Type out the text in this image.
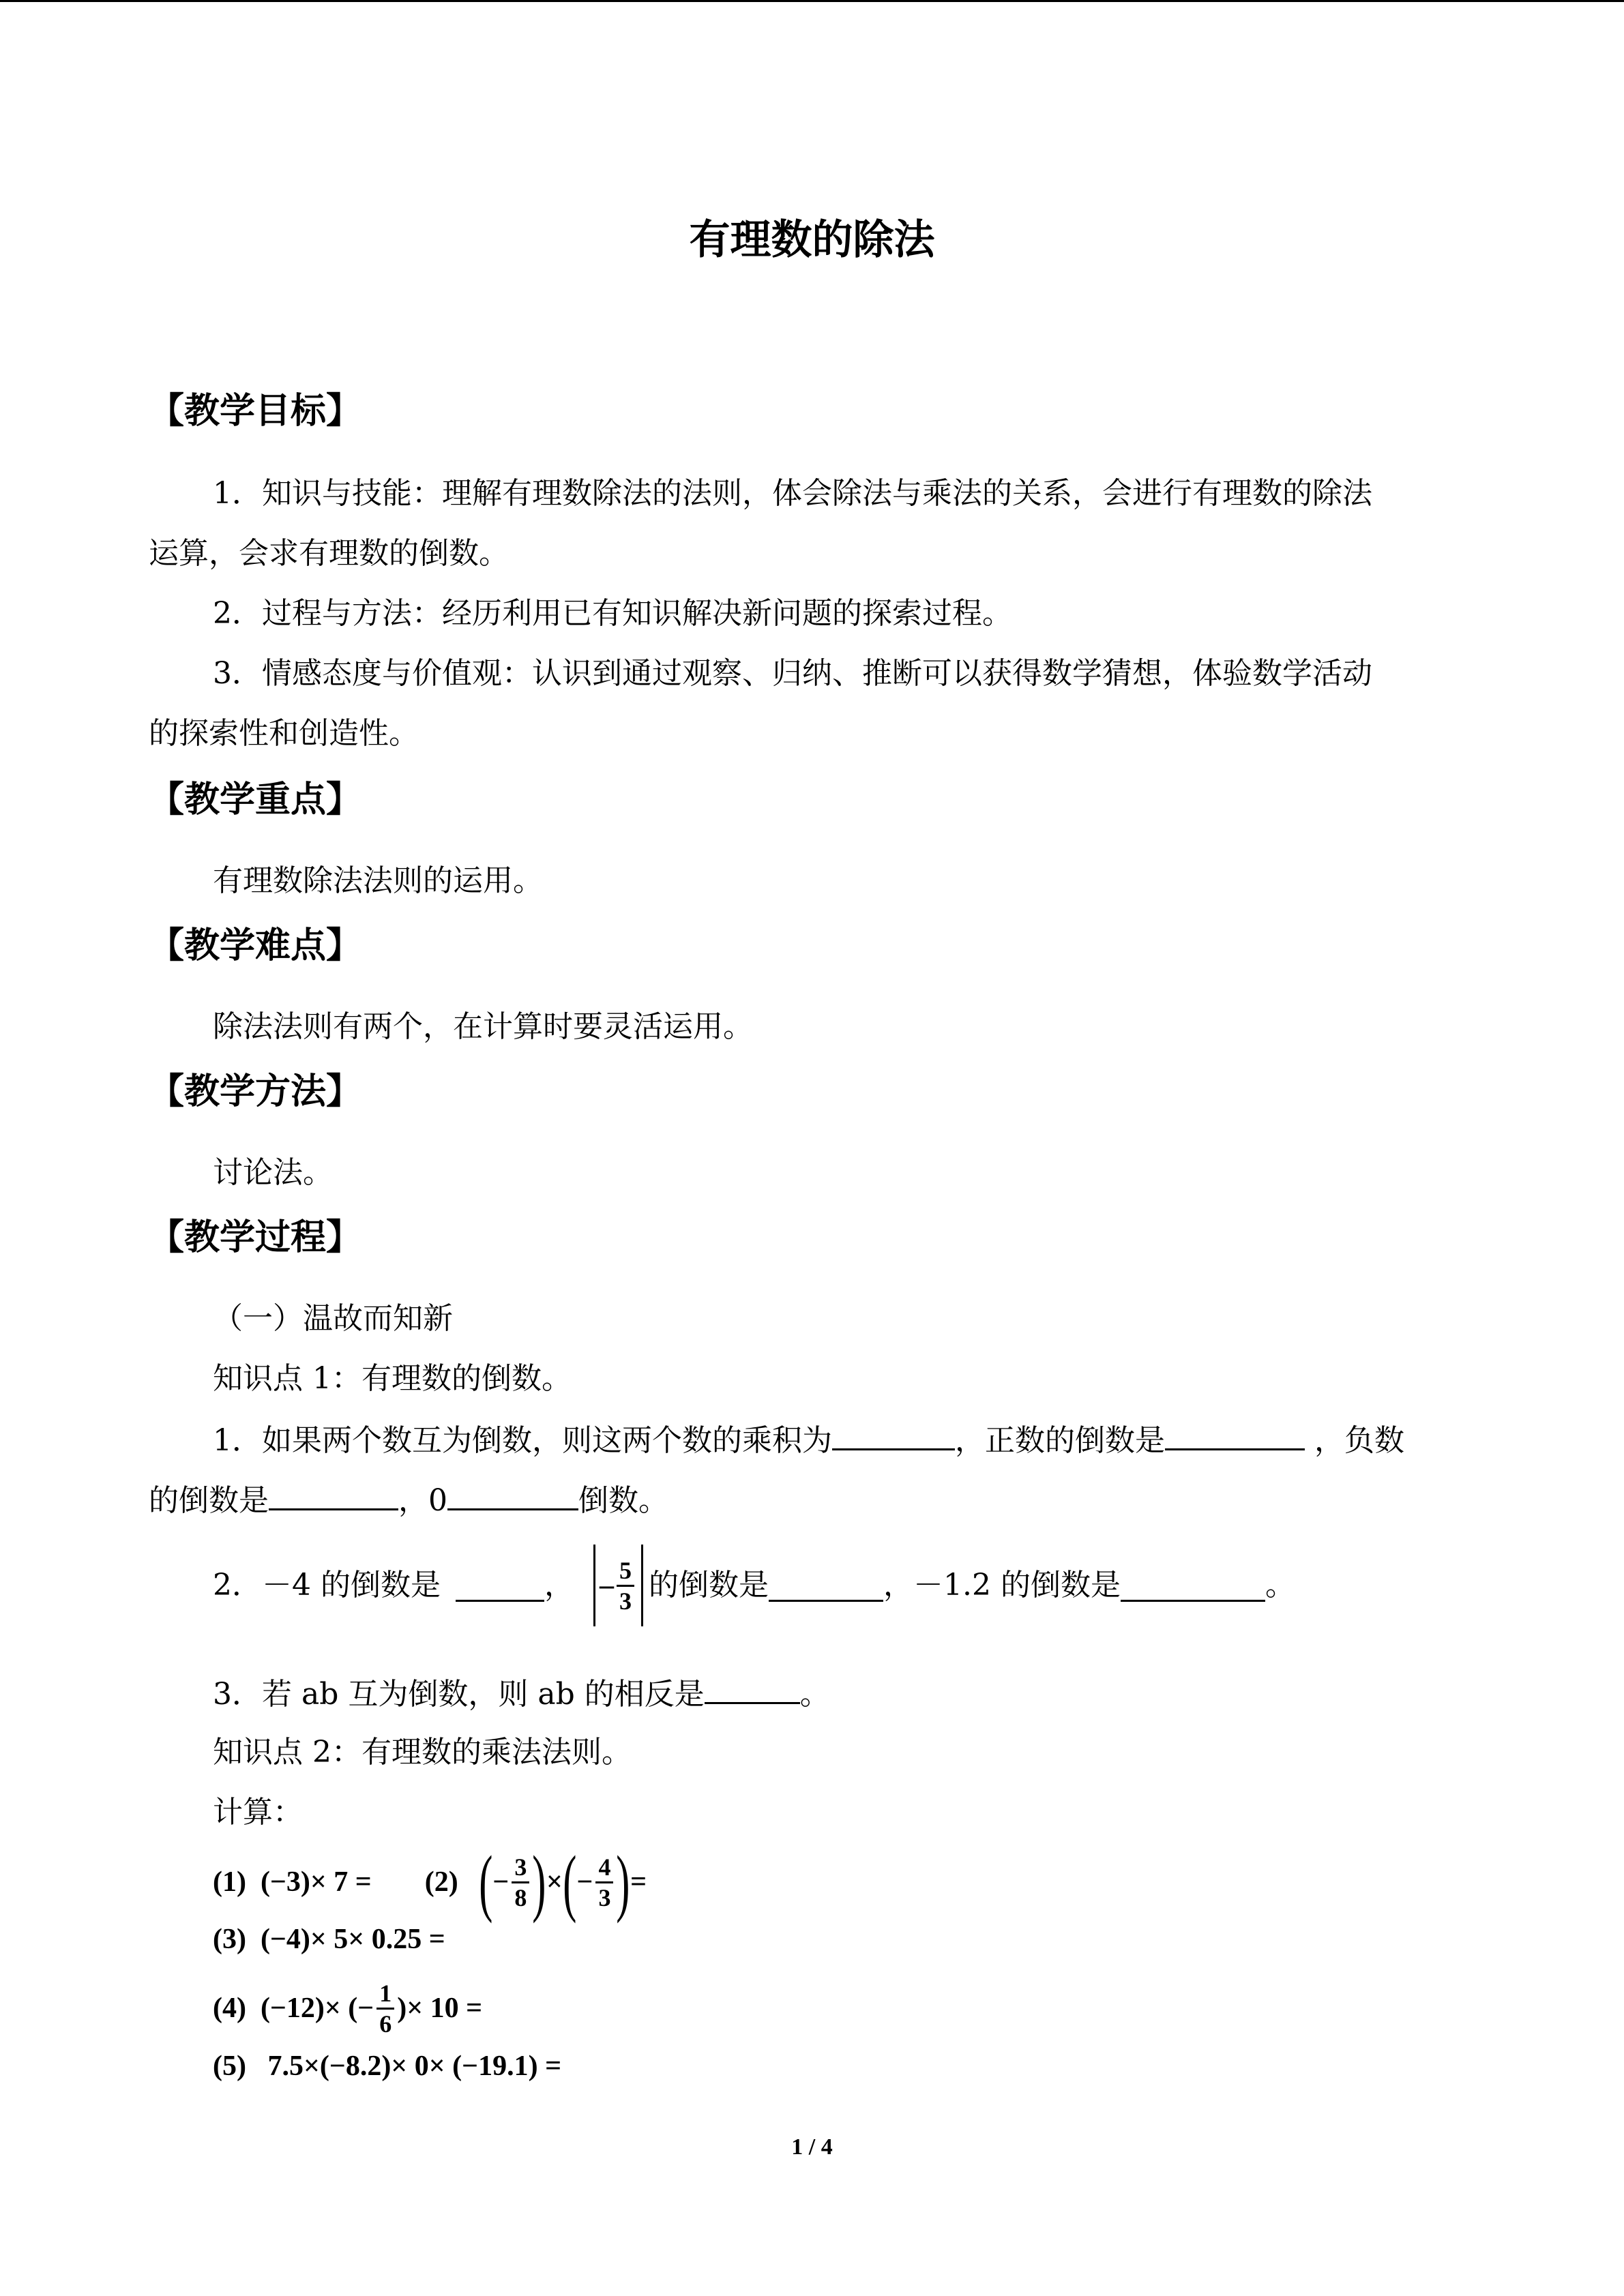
有理数的除法
【教学目标】
1．知识与技能：理解有理数除法的法则，体会除法与乘法的关系，会进行有理数的除法
运算，会求有理数的倒数。
2．过程与方法：经历利用已有知识解决新问题的探索过程。
3．情感态度与价值观：认识到通过观察、归纳、推断可以获得数学猜想，体验数学活动
的探索性和创造性。
【教学重点】
有理数除法法则的运用。
【教学难点】
除法法则有两个，在计算时要灵活运用。
【教学方法】
讨论法。
【教学过程】
（一）温故而知新
知识点 1：有理数的倒数。
1．如果两个数互为倒数，则这两个数的乘积为	，正数的倒数是	，负数
的倒数是	，0	倒数。
2．－4 的倒数是	， – $\frac{5}{3}$ 的倒数是	，－1.2 的倒数是	。
3．若 ab 互为倒数，则 ab 的相反是	。
知识点 2：有理数的乘法法则。
计算：
(1)  (−3)× 7 = (2) ( − $\frac{3}{8}$ ) × ( − $\frac{4}{3}$ ) =
(3)  (−4)× 5× 0.25 =
(4)  (−12)× (− $\frac{1}{6}$ )× 10 =
(5)   7.5×(−8.2)× 0× (−19.1) =
1 / 4
